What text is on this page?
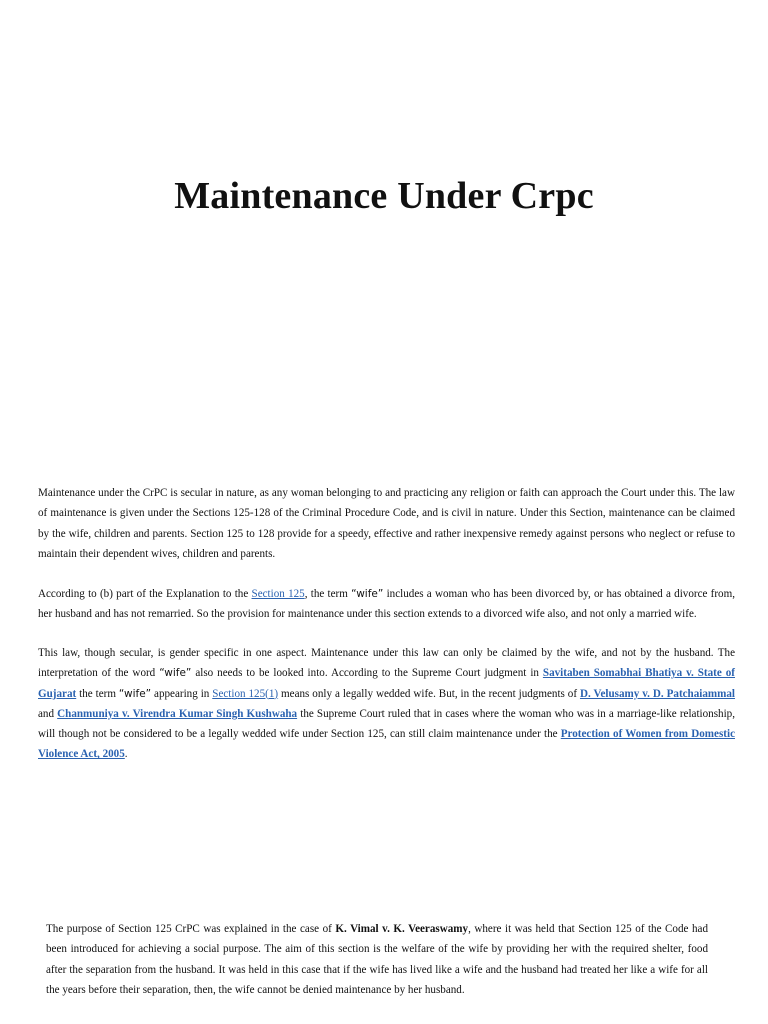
Maintenance Under Crpc

Maintenance under the CrPC is secular in nature, as any woman belonging to and practicing any religion or faith can approach the Court under this. The law of maintenance is given under the Sections 125-128 of the Criminal Procedure Code, and is civil in nature. Under this Section, maintenance can be claimed by the wife, children and parents. Section 125 to 128 provide for a speedy, effective and rather inexpensive remedy against persons who neglect or refuse to maintain their dependent wives, children and parents.

According to (b) part of the Explanation to the Section 125, the term “wife” includes a woman who has been divorced by, or has obtained a divorce from, her husband and has not remarried. So the provision for maintenance under this section extends to a divorced wife also, and not only a married wife.

This law, though secular, is gender specific in one aspect. Maintenance under this law can only be claimed by the wife, and not by the husband. The interpretation of the word “wife” also needs to be looked into. According to the Supreme Court judgment in Savitaben Somabhai Bhatiya v. State of Gujarat the term “wife” appearing in Section 125(1) means only a legally wedded wife. But, in the recent judgments of D. Velusamy v. D. Patchaiammal and Chanmuniya v. Virendra Kumar Singh Kushwaha the Supreme Court ruled that in cases where the woman who was in a marriage-like relationship, will though not be considered to be a legally wedded wife under Section 125, can still claim maintenance under the Protection of Women from Domestic Violence Act, 2005.

The purpose of Section 125 CrPC was explained in the case of K. Vimal v. K. Veeraswamy, where it was held that Section 125 of the Code had been introduced for achieving a social purpose. The aim of this section is the welfare of the wife by providing her with the required shelter, food after the separation from the husband. It was held in this case that if the wife has lived like a wife and the husband had treated her like a wife for all the years before their separation, then, the wife cannot be denied maintenance by her husband.
